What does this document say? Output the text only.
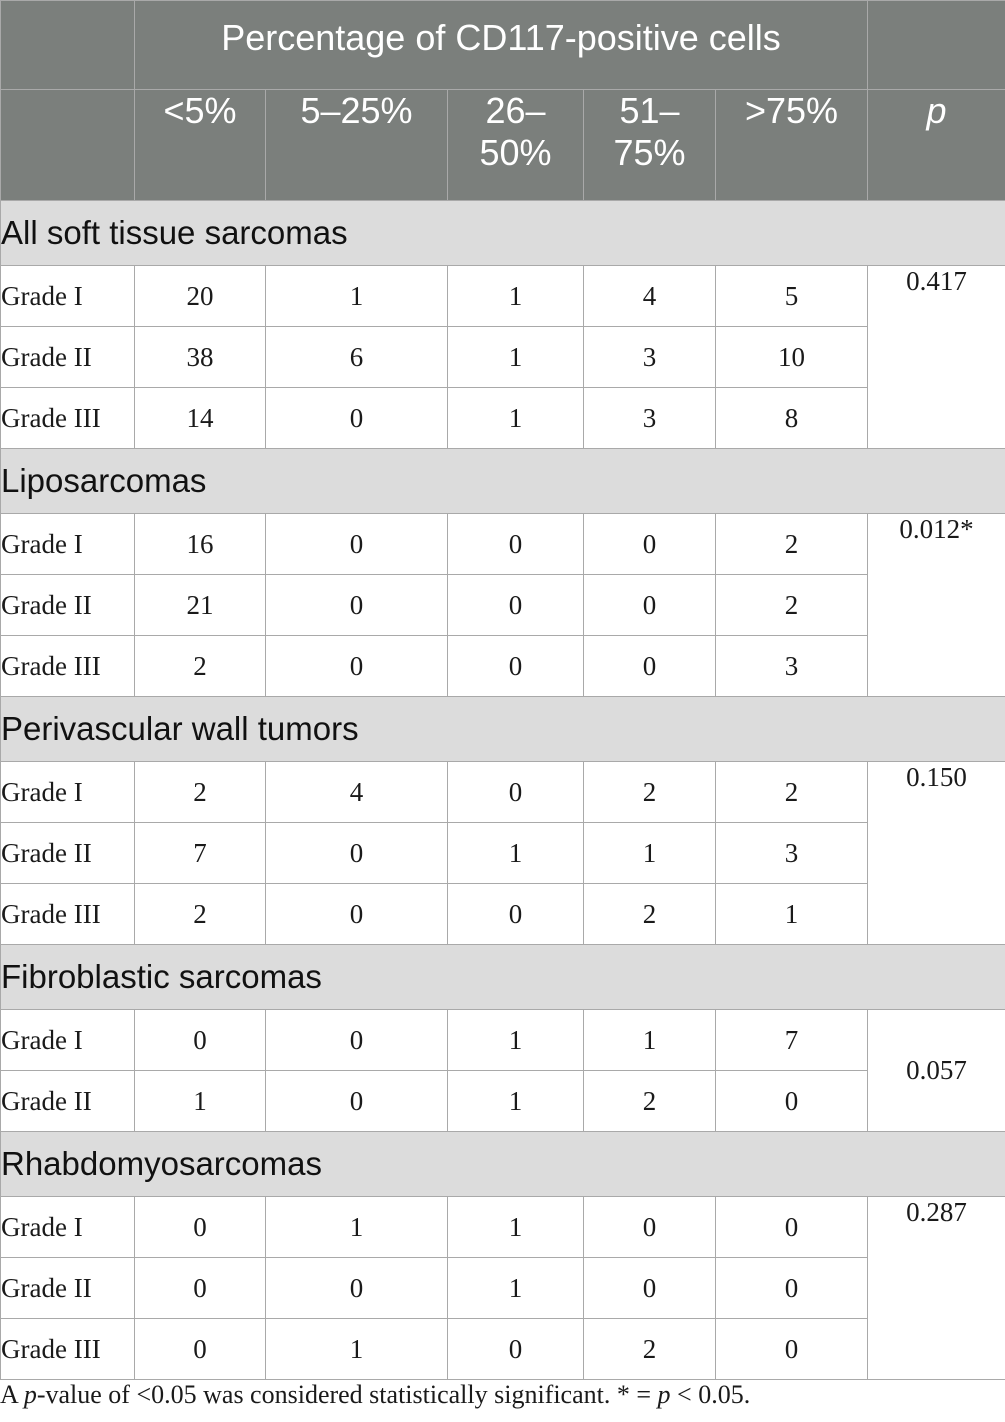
	Percentage of CD117-positive cells					
	<5%	5–25%	26–50%	51–75%	>75%	p
All soft tissue sarcomas						
Grade I	20	1	1	4	5	0.417
Grade II	38	6	1	3	10	
Grade III	14	0	1	3	8	
Liposarcomas						
Grade I	16	0	0	0	2	0.012*
Grade II	21	0	0	0	2	
Grade III	2	0	0	0	3	
Perivascular wall tumors						
Grade I	2	4	0	2	2	0.150
Grade II	7	0	1	1	3	
Grade III	2	0	0	2	1	
Fibroblastic sarcomas						
Grade I	0	0	1	1	7	0.057
Grade II	1	0	1	2	0	
Rhabdomyosarcomas						
Grade I	0	1	1	0	0	0.287
Grade II	0	0	1	0	0	
Grade III	0	1	0	2	0	
A p-value of <0.05 was considered statistically significant. * = p < 0.05.
